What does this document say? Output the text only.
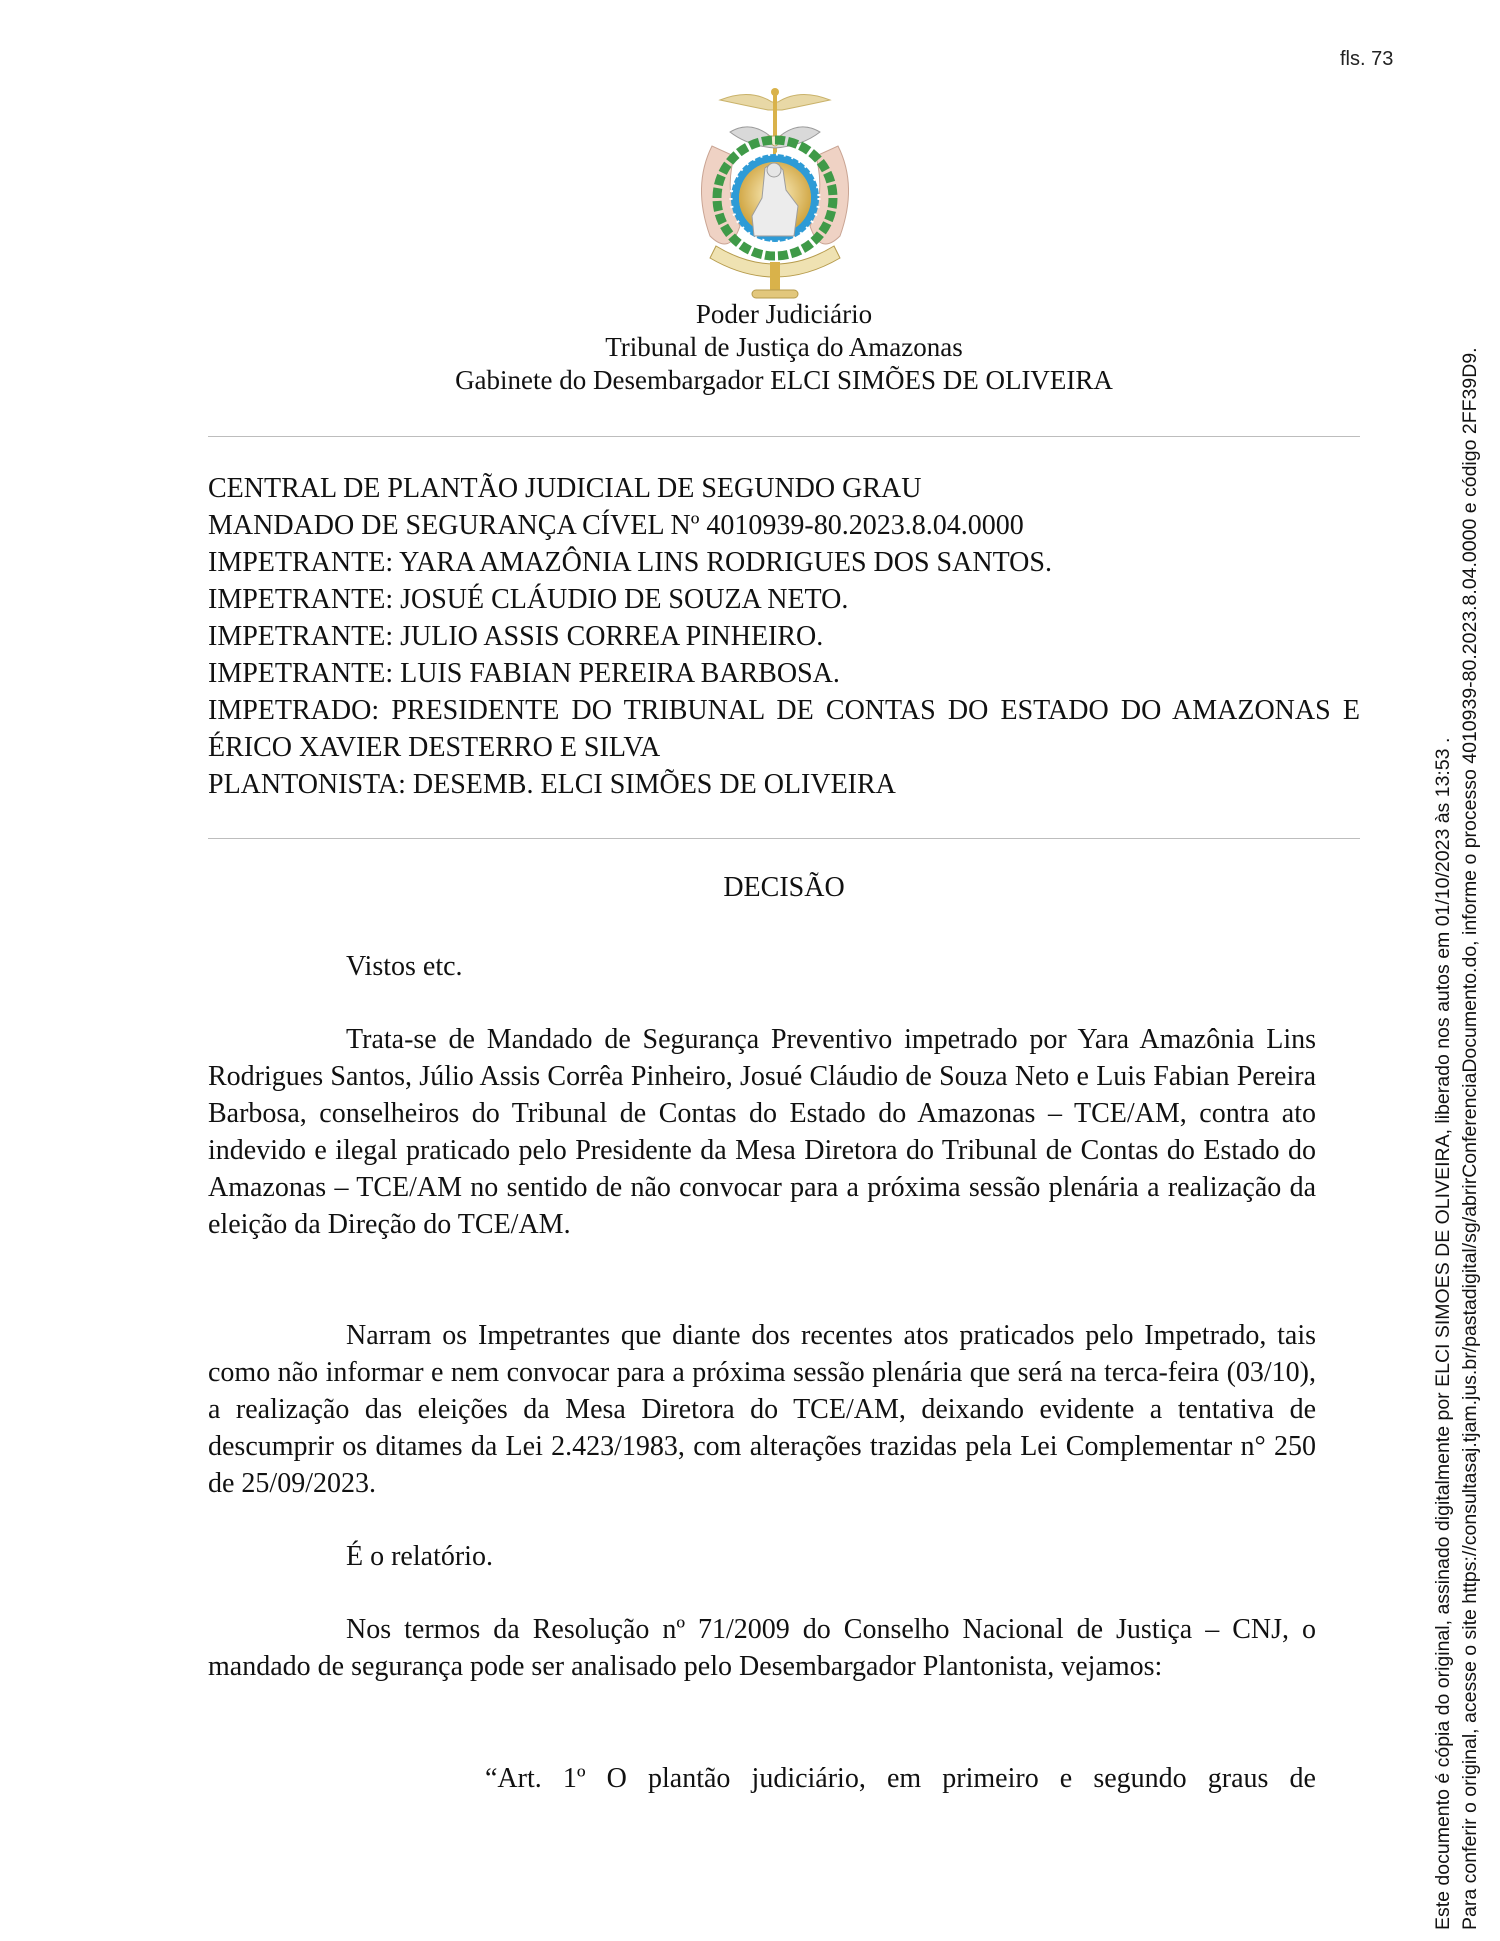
fls. 73
Poder Judiciário
Tribunal de Justiça do Amazonas
Gabinete do Desembargador ELCI SIMÕES DE OLIVEIRA
CENTRAL DE PLANTÃO JUDICIAL DE SEGUNDO GRAU
MANDADO DE SEGURANÇA CÍVEL Nº 4010939-80.2023.8.04.0000
IMPETRANTE: YARA AMAZÔNIA LINS RODRIGUES DOS SANTOS.
IMPETRANTE: JOSUÉ CLÁUDIO DE SOUZA NETO.
IMPETRANTE: JULIO ASSIS CORREA PINHEIRO.
IMPETRANTE: LUIS FABIAN PEREIRA BARBOSA.
IMPETRADO: PRESIDENTE DO TRIBUNAL DE CONTAS DO ESTADO DO AMAZONAS E ÉRICO XAVIER DESTERRO E SILVA
PLANTONISTA: DESEMB. ELCI SIMÕES DE OLIVEIRA
DECISÃO
Vistos etc.
Trata-se de Mandado de Segurança Preventivo impetrado por Yara Amazônia Lins Rodrigues Santos, Júlio Assis Corrêa Pinheiro, Josué Cláudio de Souza Neto e Luis Fabian Pereira Barbosa, conselheiros do Tribunal de Contas do Estado do Amazonas – TCE/AM, contra ato indevido e ilegal praticado pelo Presidente da Mesa Diretora do Tribunal de Contas do Estado do Amazonas – TCE/AM no sentido de não convocar para a próxima sessão plenária a realização da eleição da Direção do TCE/AM.
Narram os Impetrantes que diante dos recentes atos praticados pelo Impetrado, tais como não informar e nem convocar para a próxima sessão plenária que será na terca-feira (03/10), a realização das eleições da Mesa Diretora do TCE/AM, deixando evidente a tentativa de descumprir os ditames da Lei 2.423/1983, com alterações trazidas pela Lei Complementar n° 250 de 25/09/2023.
É o relatório.
Nos termos da Resolução nº 71/2009 do Conselho Nacional de Justiça – CNJ, o mandado de segurança pode ser analisado pelo Desembargador Plantonista, vejamos:
“Art. 1º O plantão judiciário, em primeiro e segundo graus de	Este documento é cópia do original, assinado digitalmente por ELCI SIMOES DE OLIVEIRA, liberado nos autos em 01/10/2023 às 13:53 . Para conferir o original, acesse o site https://consultasaj.tjam.jus.br/pastadigital/sg/abrirConferenciaDocumento.do, informe o processo 4010939-80.2023.8.04.0000 e código 2FF39D9.
